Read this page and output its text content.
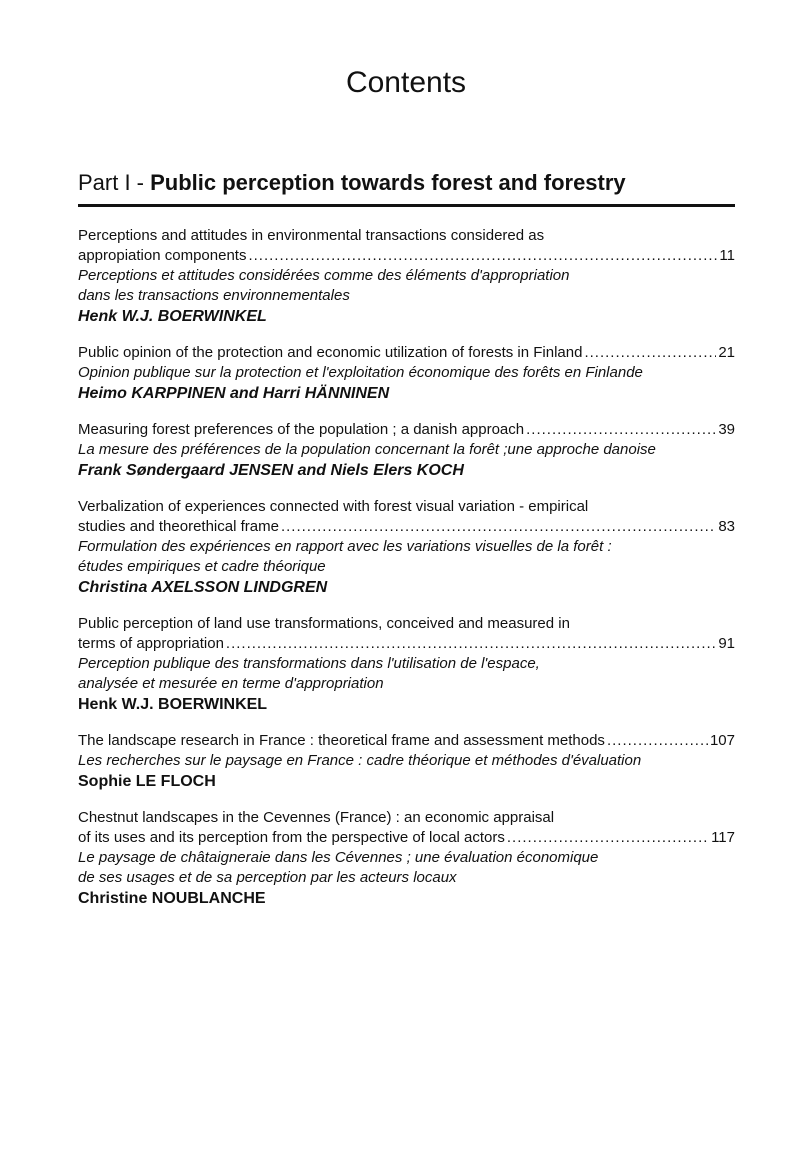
Contents
Part I - Public perception towards forest and forestry
Perceptions and attitudes in environmental transactions considered as
appropiation components .....	11
Perceptions et attitudes considérées comme des éléments d'appropriation
dans les transactions environnementales
Henk W.J. BOERWINKEL
Public opinion of the protection and economic utilization of forests in Finland .....	21
Opinion publique sur la protection et l'exploitation économique des forêts en Finlande
Heimo KARPPINEN and Harri HÄNNINEN
Measuring forest preferences of the population ; a danish approach .....	39
La mesure des préférences de la population concernant la forêt ;une approche danoise
Frank Søndergaard JENSEN and Niels Elers KOCH
Verbalization of experiences connected with forest visual variation - empirical
studies and theorethical frame .....	83
Formulation des expériences en rapport avec les variations visuelles de la forêt :
études empiriques et cadre théorique
Christina AXELSSON LINDGREN
Public perception of land use transformations, conceived and measured in
terms of appropriation .....	91
Perception publique des transformations dans l'utilisation de l'espace,
analysée et mesurée en terme d'appropriation
Henk W.J. BOERWINKEL
The landscape research in France : theoretical frame and assessment methods .....	107
Les recherches sur le paysage en France : cadre théorique et méthodes d'évaluation
Sophie LE FLOCH
Chestnut landscapes in the Cevennes (France) : an economic appraisal
of its uses and its perception from the perspective of local actors .....	117
Le paysage de châtaigneraie dans les Cévennes ; une évaluation économique
de ses usages et de sa perception par les acteurs locaux
Christine NOUBLANCHE
